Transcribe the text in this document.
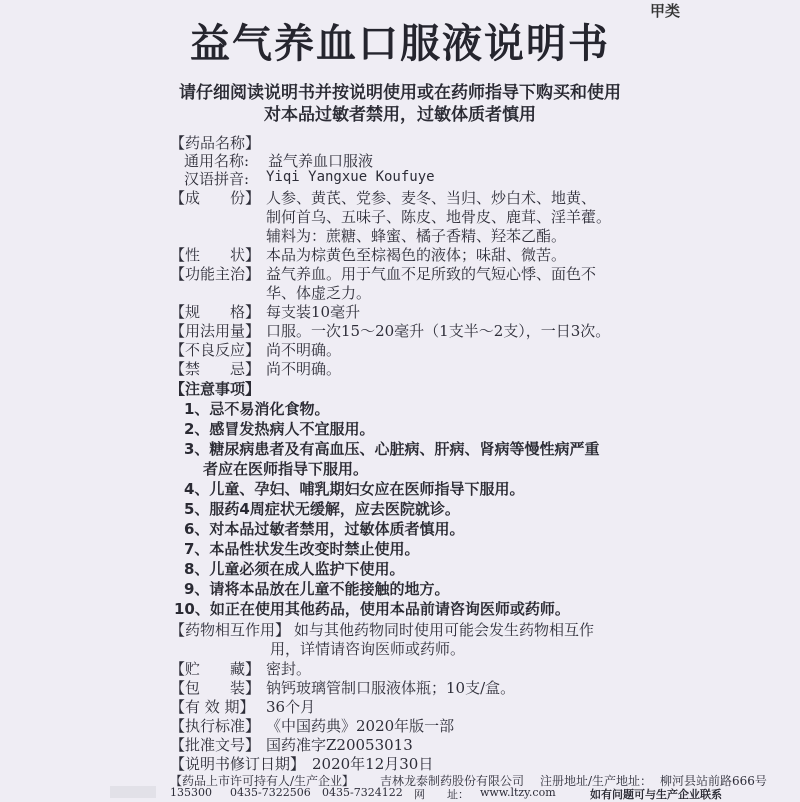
甲类
益气养血口服液说明书
请仔细阅读说明书并按说明使用或在药师指导下购买和使用
对本品过敏者禁用，过敏体质者慎用
【药品名称】
通用名称: 益气养血口服液
汉语拼音: Yiqi Yangxue Koufuye
【成　　份】 人参、黄芪、党参、麦冬、当归、炒白术、地黄、
制何首乌、五味子、陈皮、地骨皮、鹿茸、淫羊藿。
辅料为：蔗糖、蜂蜜、橘子香精、羟苯乙酯。
【性　　状】 本品为棕黄色至棕褐色的液体；味甜、微苦。
【功能主治】 益气养血。用于气血不足所致的气短心悸、面色不
华、体虚乏力。
【规　　格】 每支装10毫升
【用法用量】 口服。一次15～20毫升（1支半～2支），一日3次。
【不良反应】 尚不明确。
【禁　　忌】 尚不明确。
【注意事项】
1、忌不易消化食物。
2、感冒发热病人不宜服用。
3、糖尿病患者及有高血压、心脏病、肝病、肾病等慢性病严重
者应在医师指导下服用。
4、儿童、孕妇、哺乳期妇女应在医师指导下服用。
5、服药4周症状无缓解，应去医院就诊。
6、对本品过敏者禁用，过敏体质者慎用。
7、本品性状发生改变时禁止使用。
8、儿童必须在成人监护下使用。
9、请将本品放在儿童不能接触的地方。
10、如正在使用其他药品，使用本品前请咨询医师或药师。
【药物相互作用】 如与其他药物同时使用可能会发生药物相互作
用，详情请咨询医师或药师。
【贮　　藏】 密封。
【包　　装】 钠钙玻璃管制口服液体瓶；10支/盒。
【有 效 期】 36个月
【执行标准】 《中国药典》2020年版一部
【批准文号】 国药准字Z20053013
【说明书修订日期】 2020年12月30日
【药品上市许可持有人/生产企业】 吉林龙泰制药股份有限公司 注册地址/生产地址： 柳河县站前路666号
135300 0435-7322506 0435-7324122 网　　址： www.ltzy.com	如有问题可与生产企业联系
